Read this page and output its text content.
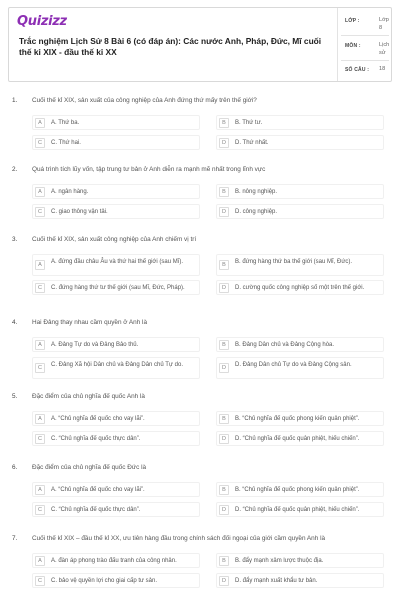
Quizizz
Trắc nghiệm Lịch Sử 8 Bài 6 (có đáp án): Các nước Anh, Pháp, Đức, Mĩ cuối thế kỉ XIX - đầu thế kỉ XX
LỚP :	Lớp
8
MÔN :	Lịch
sử
SỐ CÂU : 18
1. Cuối thế kỉ XIX, sản xuất của công nghiệp của Anh đứng thứ mấy trên thế giới?
A	A. Thứ ba.	B	B. Thứ tư.
C	C. Thứ hai.	D	D. Thứ nhất.
2. Quá trình tích lũy vốn, tập trung tư bản ở Anh diễn ra mạnh mẽ nhất trong lĩnh vực
A	A. ngân hàng.	B	B. nông nghiệp.
C	C. giao thông vận tải.	D	D. công nghiệp.
3. Cuối thế kỉ XIX, sản xuất công nghiệp của Anh chiếm vị trí
A	A. đứng đầu châu Âu và thứ hai thế giới (sau Mĩ).	B	B. đứng hàng thứ ba thế giới (sau Mĩ, Đức).
C	C. đứng hàng thứ tư thế giới (sau Mĩ, Đức, Pháp).	D	D. cường quốc công nghiệp số một trên thế giới.
4. Hai Đảng thay nhau cầm quyền ở Anh là
A	A. Đảng Tự do và Đảng Bảo thủ.	B	B. Đảng Dân chủ và Đảng Cộng hòa.
C	C. Đảng Xã hội Dân chủ và Đảng Dân chủ Tự do.	D	D. Đảng Dân chủ Tự do và Đảng Cộng sản.
5. Đặc điểm của chủ nghĩa đế quốc Anh là
A	A. “Chủ nghĩa đế quốc cho vay lãi”.	B	B. “Chủ nghĩa đế quốc phong kiến quân phiệt”.
C	C. “Chủ nghĩa đế quốc thực dân”.	D	D. “Chủ nghĩa đế quốc quân phiệt, hiếu chiến”.
6. Đặc điểm của chủ nghĩa đế quốc Đức là
A	A. “Chủ nghĩa đế quốc cho vay lãi”.	B	B. “Chủ nghĩa đế quốc phong kiến quân phiệt”.
C	C. “Chủ nghĩa đế quốc thực dân”.	D	D. “Chủ nghĩa đế quốc quân phiệt, hiếu chiến”.
7. Cuối thế kỉ XIX – đầu thế kỉ XX, ưu tiên hàng đầu trong chính sách đối ngoại của giới cầm quyền Anh là
A	A. đàn áp phong trào đấu tranh của công nhân.	B	B. đẩy mạnh xâm lược thuộc địa.
C	C. bảo vệ quyền lợi cho giai cấp tư sản.	D	D. đẩy mạnh xuất khẩu tư bản.
